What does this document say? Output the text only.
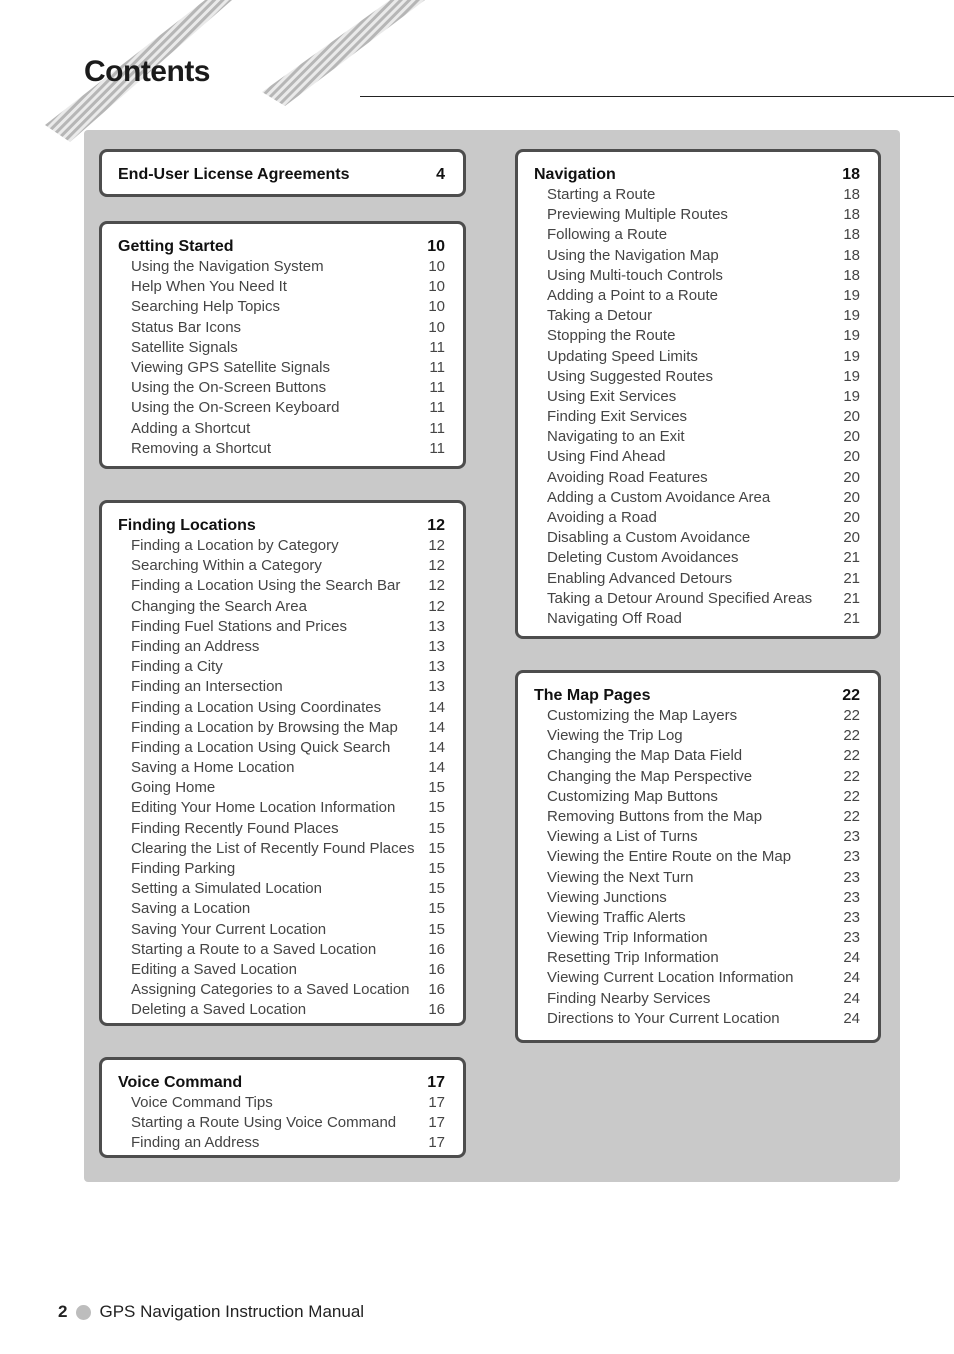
Contents
End-User License Agreements	4
Getting Started	10
Using the Navigation System	10
Help When You Need It	10
Searching Help Topics	10
Status Bar Icons	10
Satellite Signals	11
Viewing GPS Satellite Signals	11
Using the On-Screen Buttons	11
Using the On-Screen Keyboard	11
Adding a Shortcut	11
Removing a Shortcut	11
Finding Locations	12
Finding a Location by Category	12
Searching Within a Category	12
Finding a Location Using the Search Bar	12
Changing the Search Area	12
Finding Fuel Stations and Prices	13
Finding an Address	13
Finding a City	13
Finding an Intersection	13
Finding a Location Using Coordinates	14
Finding a Location by Browsing the Map	14
Finding a Location Using Quick Search	14
Saving a Home Location	14
Going Home	15
Editing Your Home Location Information	15
Finding Recently Found Places	15
Clearing the List of Recently Found Places 15
Finding Parking	15
Setting a Simulated Location	15
Saving a Location	15
Saving Your Current Location	15
Starting a Route to a Saved Location	16
Editing a Saved Location	16
Assigning Categories to a Saved Location	16
Deleting a Saved Location	16
Voice Command	17
Voice Command Tips	17
Starting a Route Using Voice Command	17
Finding an Address	17
Navigation	18
Starting a Route	18
Previewing Multiple Routes	18
Following a Route	18
Using the Navigation Map	18
Using Multi-touch Controls	18
Adding a Point to a Route	19
Taking a Detour	19
Stopping the Route	19
Updating Speed Limits	19
Using Suggested Routes	19
Using Exit Services	19
Finding Exit Services	20
Navigating to an Exit	20
Using Find Ahead	20
Avoiding Road Features	20
Adding a Custom Avoidance Area	20
Avoiding a Road	20
Disabling a Custom Avoidance	20
Deleting Custom Avoidances	21
Enabling Advanced Detours	21
Taking a Detour Around Specified Areas	21
Navigating Off Road	21
The Map Pages	22
Customizing the Map Layers	22
Viewing the Trip Log	22
Changing the Map Data Field	22
Changing the Map Perspective	22
Customizing Map Buttons	22
Removing Buttons from the Map	22
Viewing a List of Turns	23
Viewing the Entire Route on the Map	23
Viewing the Next Turn	23
Viewing Junctions	23
Viewing Traffic Alerts	23
Viewing Trip Information	23
Resetting Trip Information	24
Viewing Current Location Information	24
Finding Nearby Services	24
Directions to Your Current Location	24
2 GPS Navigation Instruction Manual
